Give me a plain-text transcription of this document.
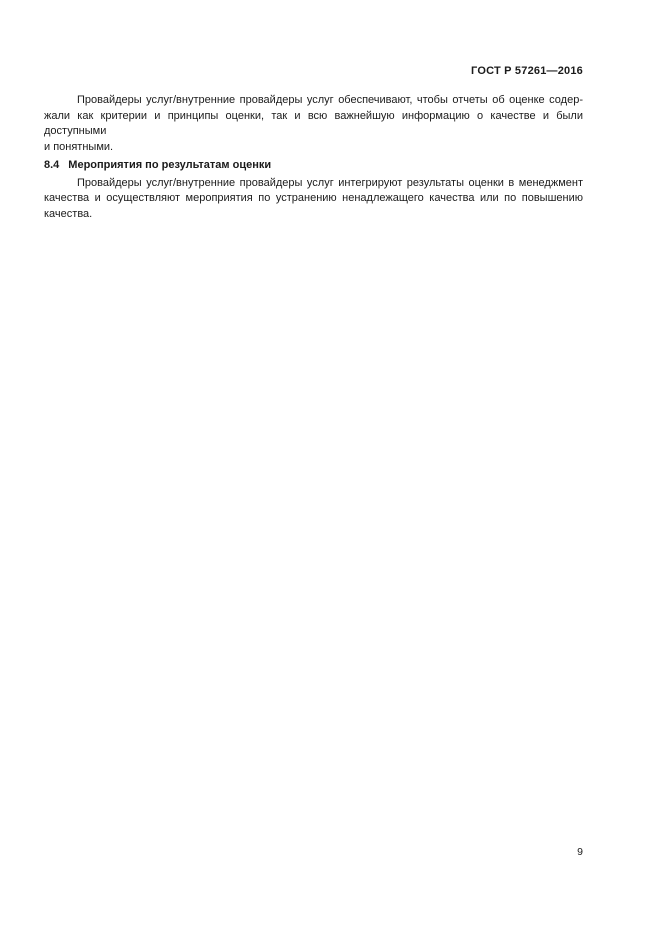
ГОСТ Р 57261—2016

Провайдеры услуг/внутренние провайдеры услуг обеспечивают, чтобы отчеты об оценке содер-

жали как критерии и принципы оценки, так и всю важнейшую информацию о качестве и были доступными

и понятными.

8.4 Мероприятия по результатам оценки

Провайдеры услуг/внутренние провайдеры услуг интегрируют результаты оценки в менеджмент

качества и осуществляют мероприятия по устранению ненадлежащего качества или по повышению

качества.

9
